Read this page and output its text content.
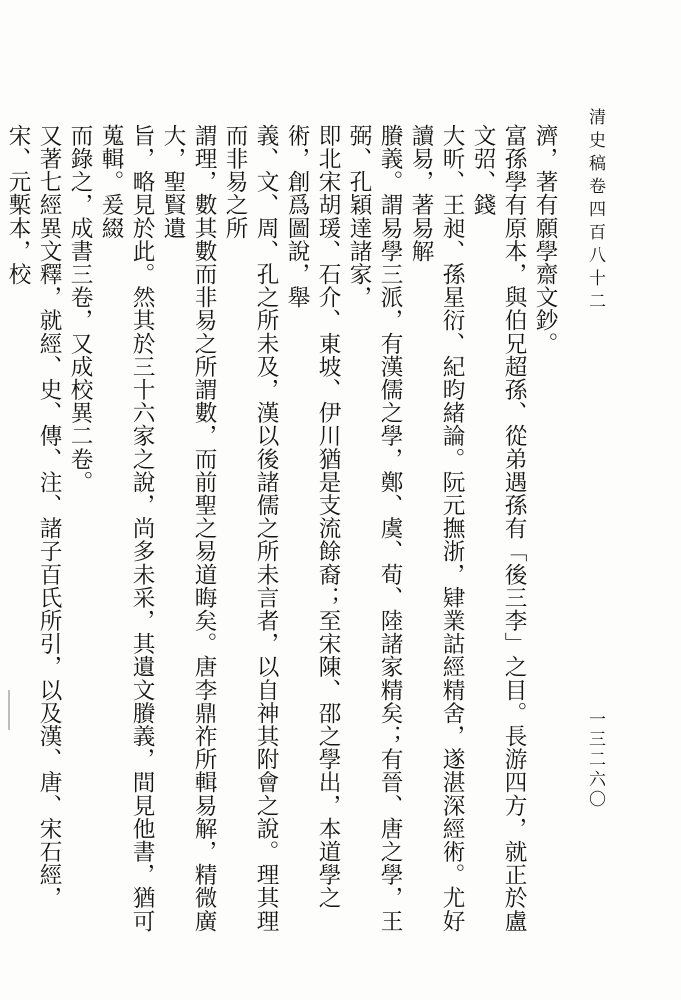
清史稿卷四百八十二
一三二六〇
濟，著有願學齋文鈔。
富孫學有原本，與伯兄超孫、從弟遇孫有「後三李」之目。長游四方，就正於盧文弨、錢
大昕、王昶、孫星衍、紀昀緒論。阮元撫浙，肄業詁經精舍，遂湛深經術。尤好讀易，著易解
賸義。謂易學三派，有漢儒之學，鄭、虞、荀、陸諸家精矣；有晉、唐之學，王弼、孔穎達諸家，
即北宋胡瑗、石介、東坡、伊川猶是支流餘裔；至宋陳、邵之學出，本道學之術，創爲圖說，舉
義、文、周、孔之所未及，漢以後諸儒之所未言者，以自神其附會之說。理其理而非易之所
謂理，數其數而非易之所謂數，而前聖之易道晦矣。唐李鼎祚所輯易解，精微廣大，聖賢遺
旨，略見於此。然其於三十六家之說，尚多未采，其遺文賸義，間見他書，猶可蒐輯。爰綴
而錄之，成書三卷，又成校異二卷。
又著七經異文釋，就經、史、傳、注、諸子百氏所引，以及漢、唐、宋石經，宋、元槧本，校
